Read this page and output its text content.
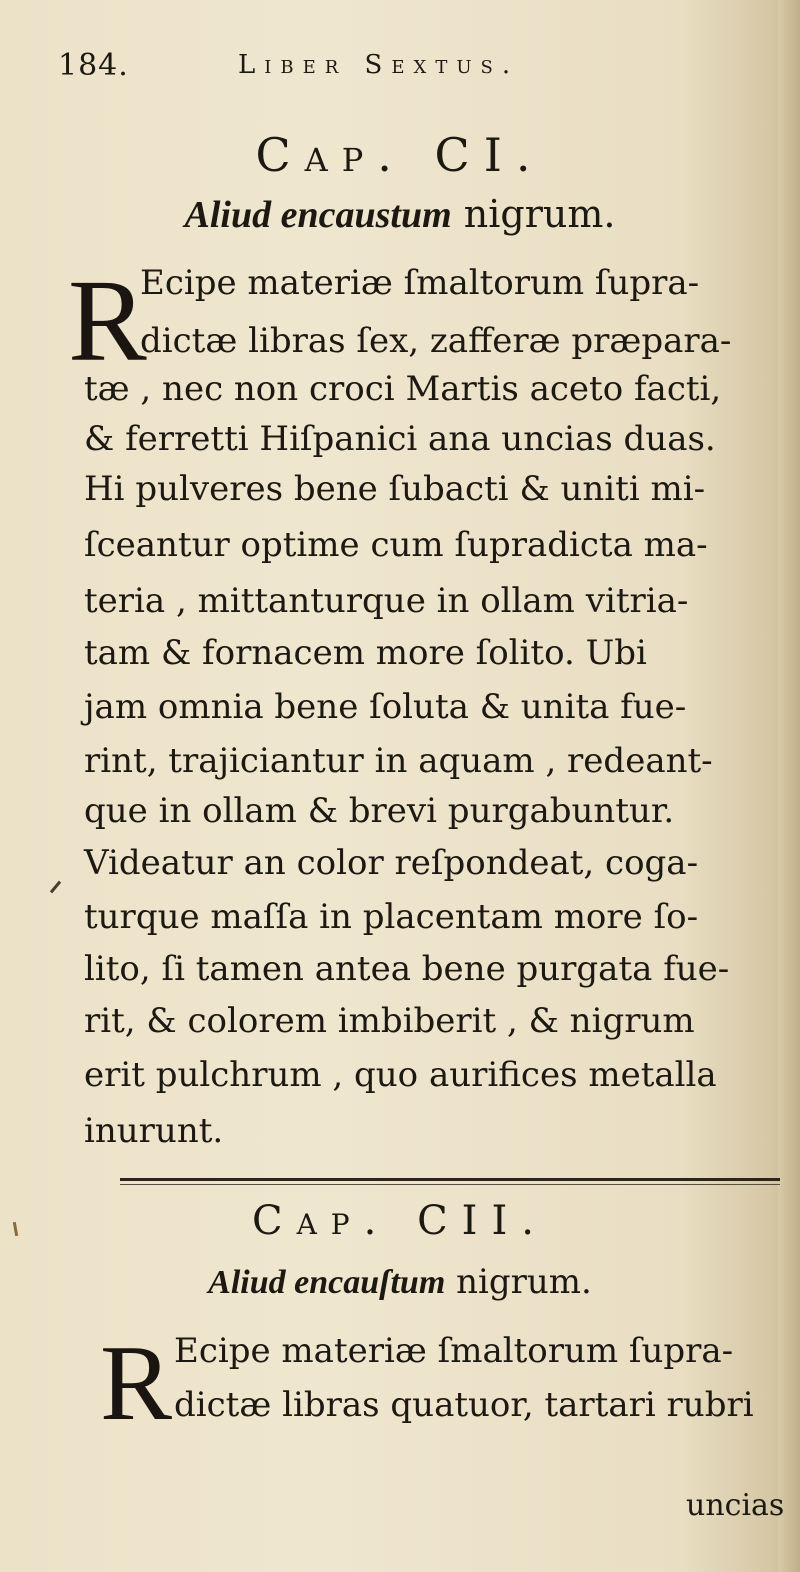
184.	Liber Sextus.
Cap. CI.
Aliud encaustum nigrum.
R
Ecipe materiæ ſmaltorum ſupra-
dictæ libras ſex, zafferæ præpara-
tæ , nec non croci Martis aceto facti,
& ferretti Hiſpanici ana uncias duas.
Hi pulveres bene ſubacti & uniti mi-
ſceantur optime cum ſupradicta ma-
teria , mittanturque in ollam vitria-
tam & fornacem more ſolito. Ubi
jam omnia bene ſoluta & unita fue-
rint, trajiciantur in aquam , redeant-
que in ollam & brevi purgabuntur.
Videatur an color reſpondeat, coga-
turque maſſa in placentam more ſo-
lito, ſi tamen antea bene purgata fue-
rit, & colorem imbiberit , & nigrum
erit pulchrum , quo aurifices metalla
inurunt.
Cap. CII.
Aliud encauſtum nigrum.
R Ecipe materiæ ſmaltorum ſupra-
dictæ libras quatuor, tartari rubri
uncias
